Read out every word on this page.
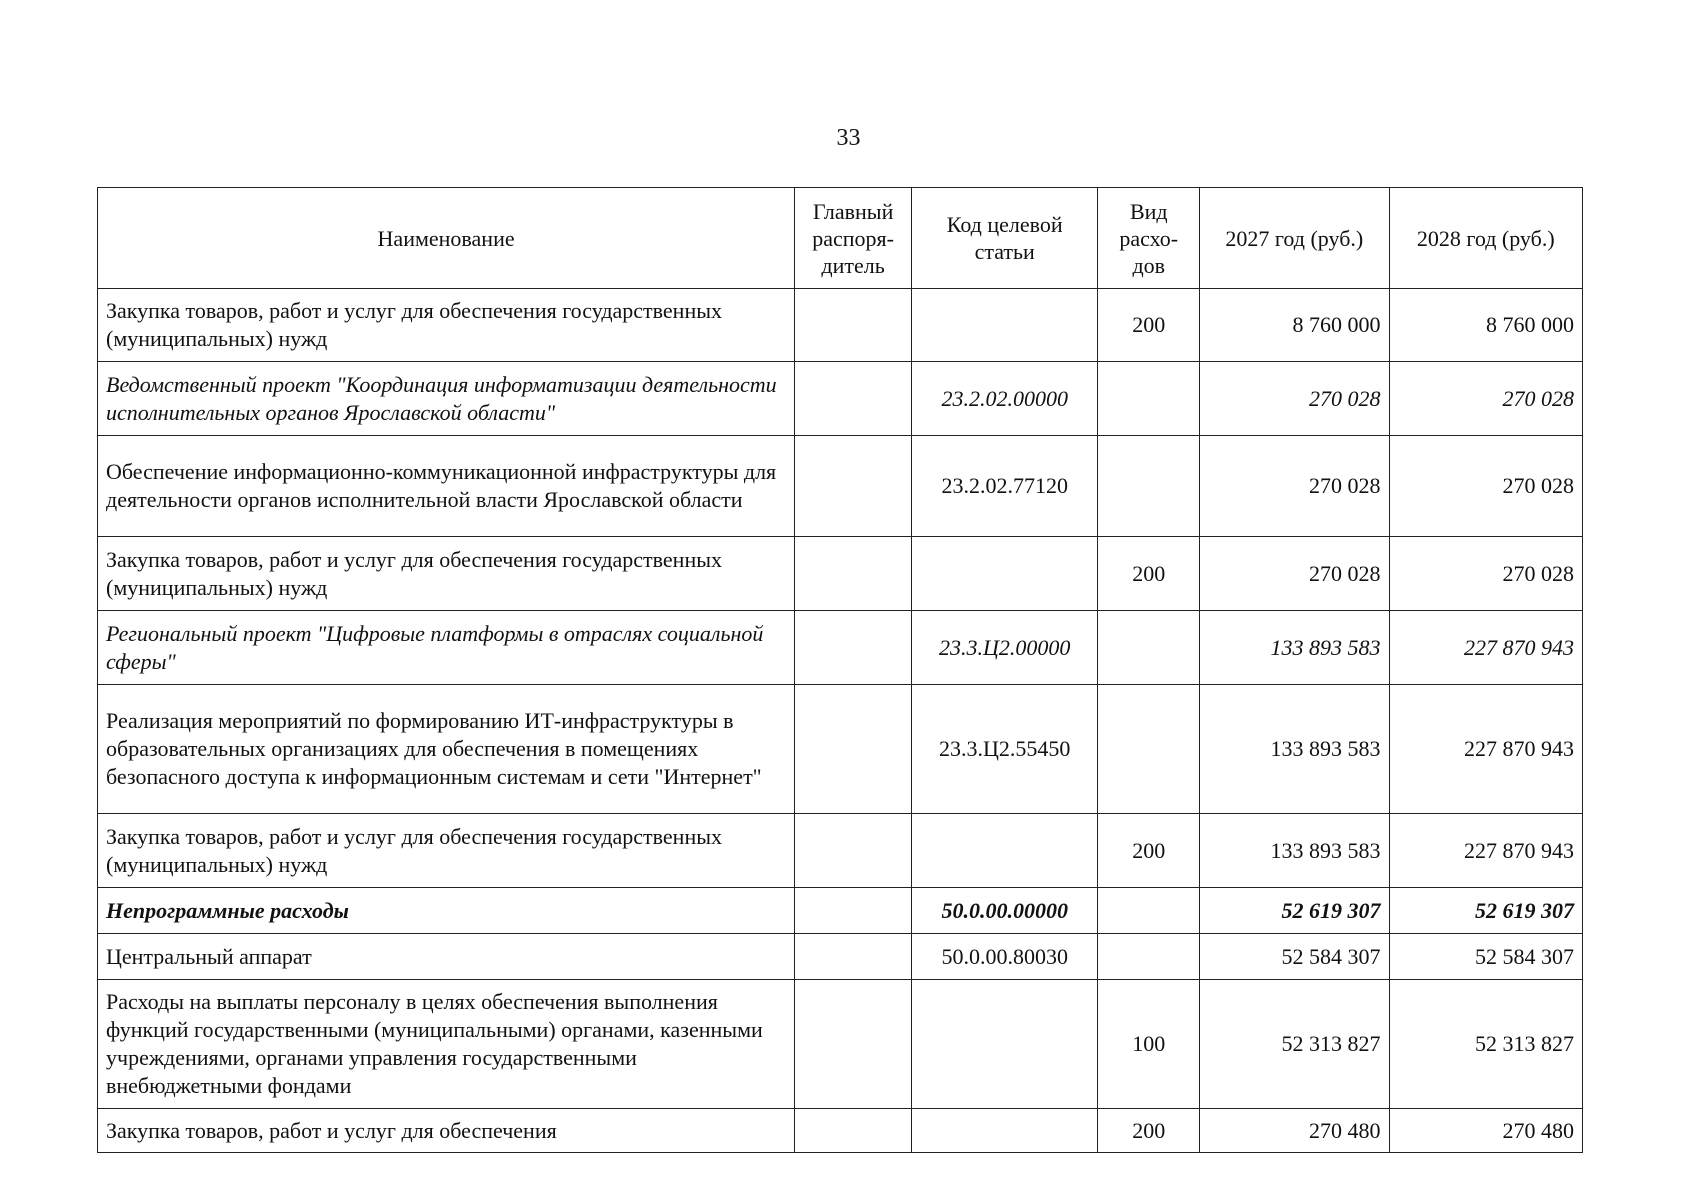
33
Наименование	Главный распоря-дитель	Код целевой статьи	Вид расхо-дов	2027 год (руб.)	2028 год (руб.)
Закупка товаров, работ и услуг для обеспечения государственных (муниципальных) нужд			200	8 760 000	8 760 000
Ведомственный проект "Координация информатизации деятельности исполнительных органов Ярославской области"		23.2.02.00000		270 028	270 028
Обеспечение информационно-коммуникационной инфраструктуры для деятельности органов исполнительной власти Ярославской области		23.2.02.77120		270 028	270 028
Закупка товаров, работ и услуг для обеспечения государственных (муниципальных) нужд			200	270 028	270 028
Региональный проект "Цифровые платформы в отраслях социальной сферы"		23.3.Ц2.00000		133 893 583	227 870 943
Реализация мероприятий по формированию ИТ-инфраструктуры в образовательных организациях для обеспечения в помещениях безопасного доступа к информационным системам и сети "Интернет"		23.3.Ц2.55450		133 893 583	227 870 943
Закупка товаров, работ и услуг для обеспечения государственных (муниципальных) нужд			200	133 893 583	227 870 943
Непрограммные расходы		50.0.00.00000		52 619 307	52 619 307
Центральный аппарат		50.0.00.80030		52 584 307	52 584 307
Расходы на выплаты персоналу в целях обеспечения выполнения функций государственными (муниципальными) органами, казенными учреждениями, органами управления государственными внебюджетными фондами			100	52 313 827	52 313 827
Закупка товаров, работ и услуг для обеспечения			200	270 480	270 480
